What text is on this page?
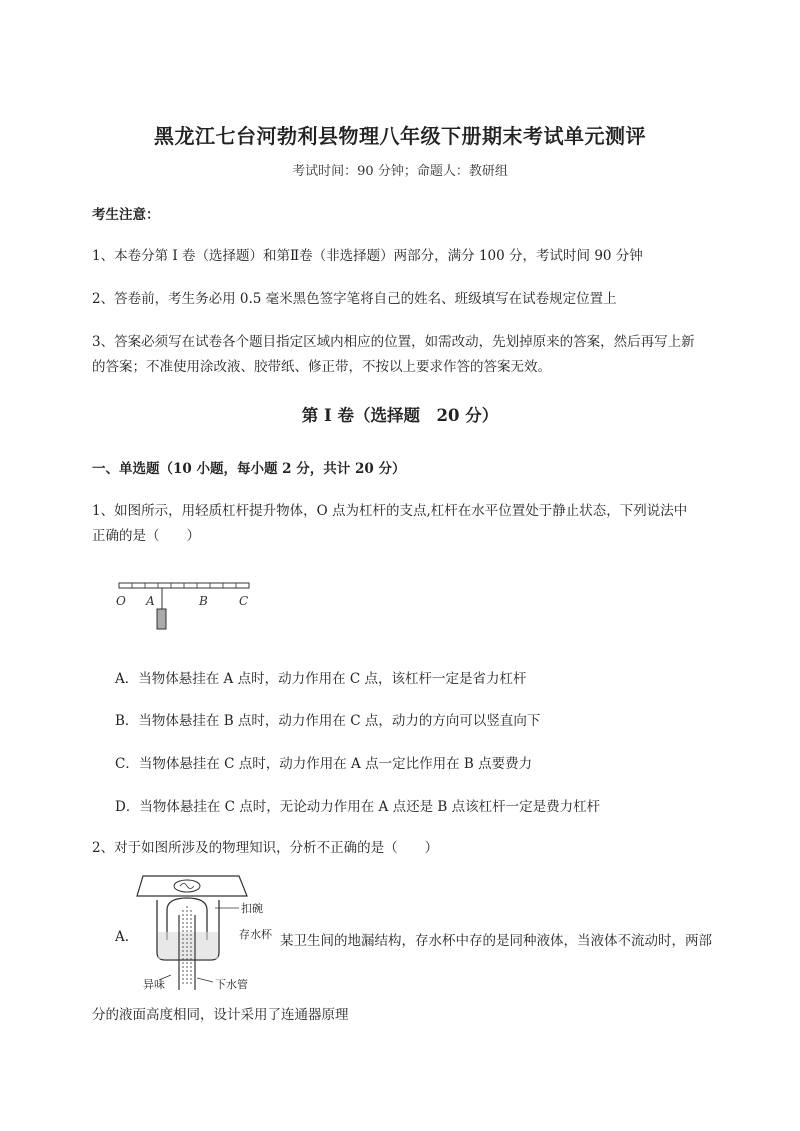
黑龙江七台河勃利县物理八年级下册期末考试单元测评
考试时间：90 分钟；命题人：教研组
考生注意：
1、本卷分第 I 卷（选择题）和第Ⅱ卷（非选择题）两部分，满分 100 分，考试时间 90 分钟
2、答卷前，考生务必用 0.5 毫米黑色签字笔将自己的姓名、班级填写在试卷规定位置上
3、答案必须写在试卷各个题目指定区域内相应的位置，如需改动，先划掉原来的答案，然后再写上新
的答案；不准使用涂改液、胶带纸、修正带，不按以上要求作答的答案无效。
第 I 卷（选择题　20 分）
一、单选题（10 小题，每小题 2 分，共计 20 分）
1、如图所示，用轻质杠杆提升物体，O 点为杠杆的支点,杠杆在水平位置处于静止状态，下列说法中
正确的是（　　）
O A	B	C
A．当物体悬挂在 A 点时，动力作用在 C 点，该杠杆一定是省力杠杆
B．当物体悬挂在 B 点时，动力作用在 C 点，动力的方向可以竖直向下
C．当物体悬挂在 C 点时，动力作用在 A 点一定比作用在 B 点要费力
D．当物体悬挂在 C 点时，无论动力作用在 A 点还是 B 点该杠杆一定是费力杠杆
2、对于如图所涉及的物理知识，分析不正确的是（　　）
A.
扣碗
存水杯
异味	下水管
某卫生间的地漏结构，存水杯中存的是同种液体，当液体不流动时，两部
分的液面高度相同，设计采用了连通器原理
